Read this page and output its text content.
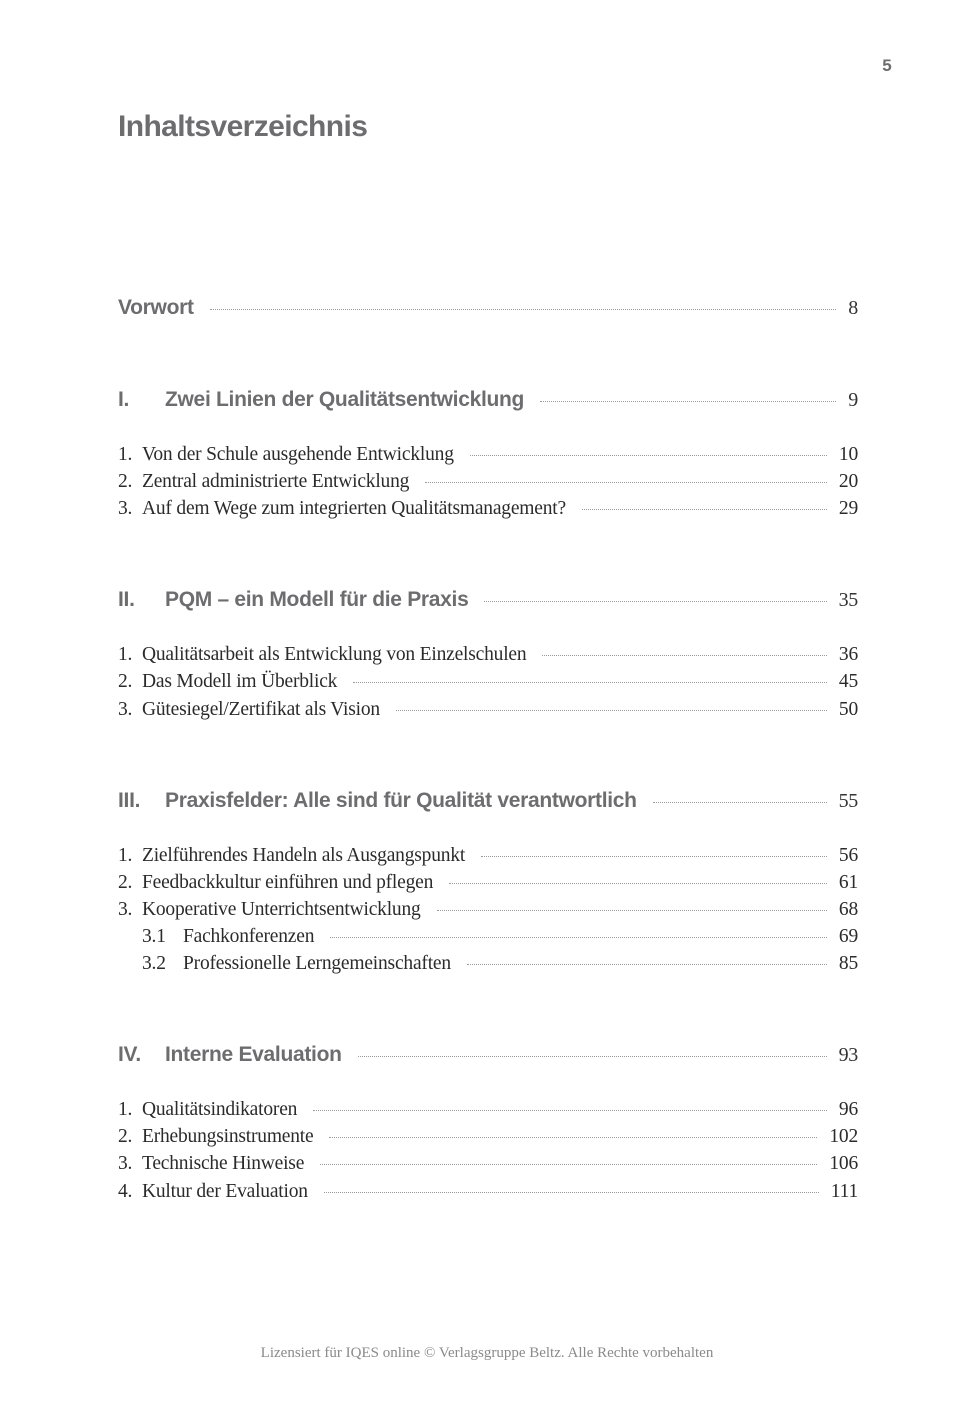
5
Inhaltsverzeichnis
Vorwort	8
I. Zwei Linien der Qualitätsentwicklung	9
1. Von der Schule ausgehende Entwicklung	10
2. Zentral administrierte Entwicklung	20
3. Auf dem Wege zum integrierten Qualitätsmanagement?	29
II. PQM – ein Modell für die Praxis	35
1. Qualitätsarbeit als Entwicklung von Einzelschulen	36
2. Das Modell im Überblick	45
3. Gütesiegel/Zertifikat als Vision	50
III. Praxisfelder: Alle sind für Qualität verantwortlich	55
1. Zielführendes Handeln als Ausgangspunkt	56
2. Feedbackkultur einführen und pflegen	61
3. Kooperative Unterrichtsentwicklung	68
3.1 Fachkonferenzen	69
3.2 Professionelle Lerngemeinschaften	85
IV. Interne Evaluation	93
1. Qualitätsindikatoren	96
2. Erhebungsinstrumente	102
3. Technische Hinweise	106
4. Kultur der Evaluation	111
Lizensiert für IQES online © Verlagsgruppe Beltz. Alle Rechte vorbehalten
